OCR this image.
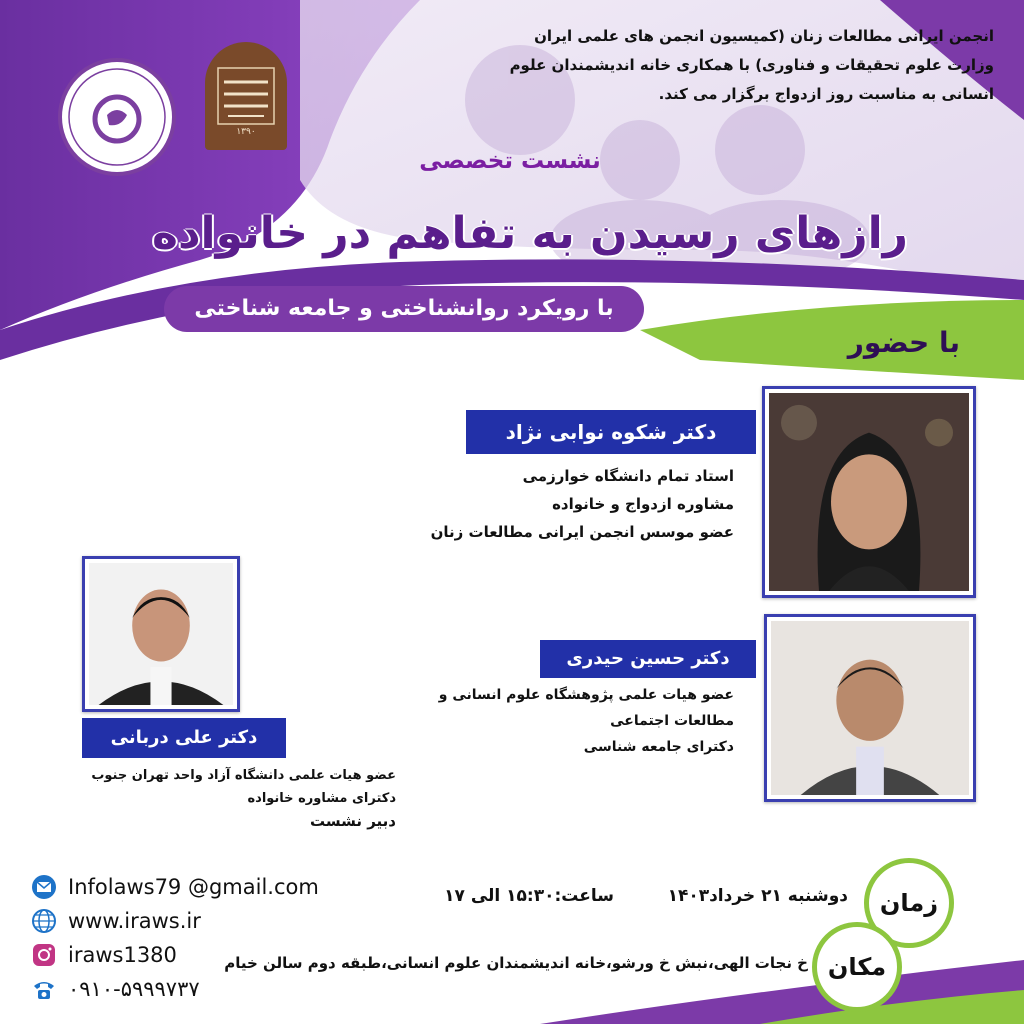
۱۳۹۰
انجمن ایرانی مطالعات زنان (کمیسیون انجمن های علمی ایران
وزارت علوم تحقیقات و فناوری) با همکاری خانه اندیشمندان علوم
انسانی به مناسبت روز ازدواج برگزار می کند.
نشست تخصصی
رازهای رسیدن به تفاهم در خانواده
با رویکرد روانشناختی و جامعه شناختی
با حضور
دکتر شکوه نوابی نژاد
استاد تمام دانشگاه خوارزمی
مشاوره ازدواج و خانواده
عضو موسس انجمن ایرانی مطالعات زنان
دکتر حسین حیدری
عضو هیات علمی پژوهشگاه علوم انسانی و
مطالعات اجتماعی
دکترای جامعه شناسی
دکتر علی دربانی
عضو هیات علمی دانشگاه آزاد واحد تهران جنوب
دکترای مشاوره خانواده
دبیر نشست
Infolaws79 @gmail.com
www.iraws.ir
iraws1380
۰۹۱۰-۵۹۹۹۷۳۷
زمان
مکان
دوشنبه ۲۱ خرداد۱۴۰۳
ساعت:۱۵:۳۰ الی ۱۷
خ نجات الهی،نبش خ ورشو،خانه اندیشمندان علوم انسانی،طبقه دوم سالن خیام
